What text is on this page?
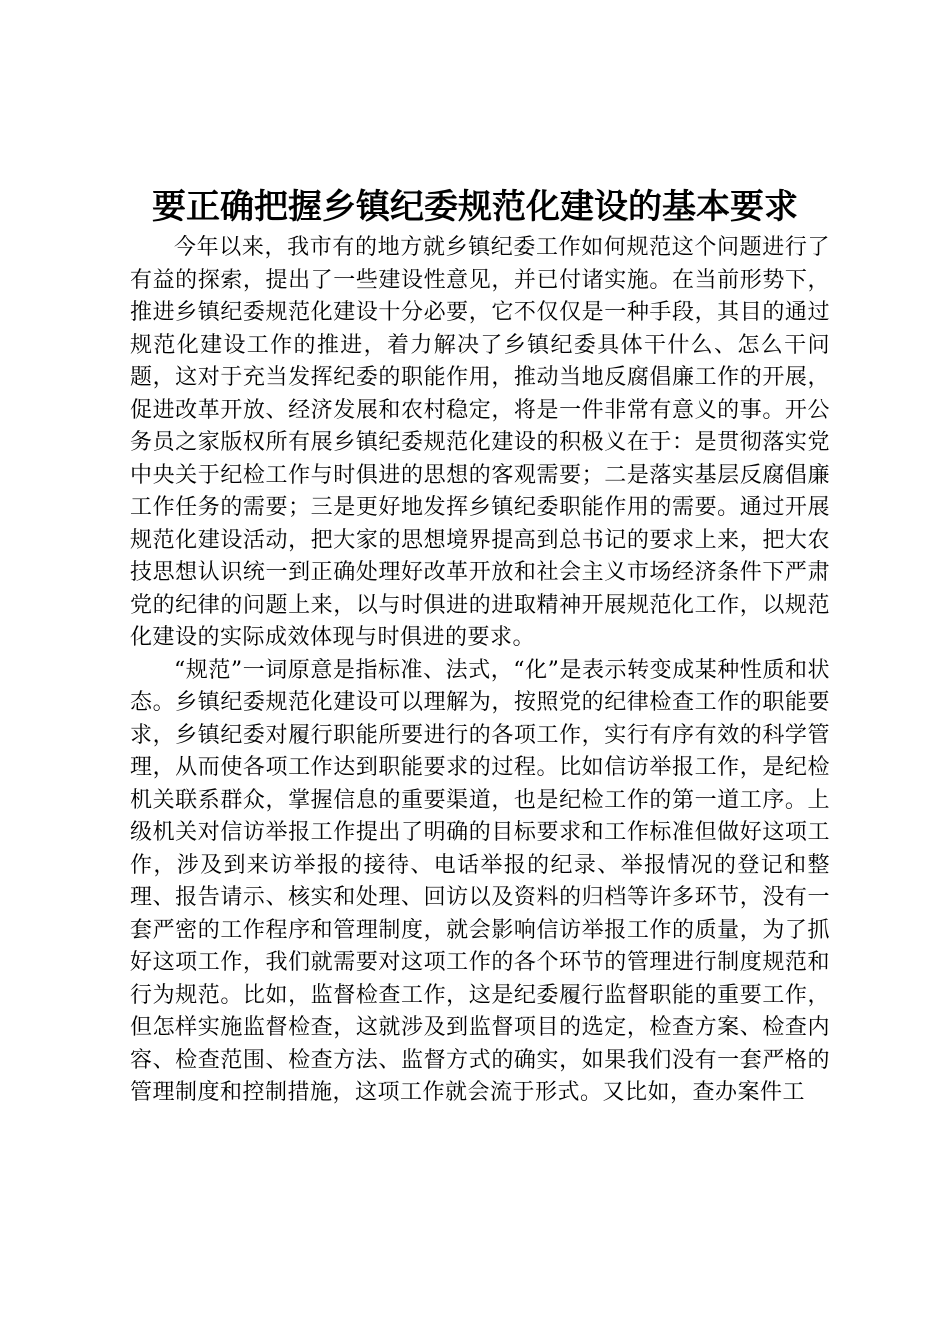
要正确把握乡镇纪委规范化建设的基本要求

今年以来，我市有的地方就乡镇纪委工作如何规范这个问题进行了有益的探索，提出了一些建设性意见，并已付诸实施。在当前形势下，推进乡镇纪委规范化建设十分必要，它不仅仅是一种手段，其目的通过规范化建设工作的推进，着力解决了乡镇纪委具体干什么、怎么干问题，这对于充当发挥纪委的职能作用，推动当地反腐倡廉工作的开展，促进改革开放、经济发展和农村稳定，将是一件非常有意义的事。开公务员之家版权所有展乡镇纪委规范化建设的积极义在于：是贯彻落实党中央关于纪检工作与时俱进的思想的客观需要；二是落实基层反腐倡廉工作任务的需要；三是更好地发挥乡镇纪委职能作用的需要。通过开展规范化建设活动，把大家的思想境界提高到总书记的要求上来，把大农技思想认识统一到正确处理好改革开放和社会主义市场经济条件下严肃党的纪律的问题上来，以与时俱进的进取精神开展规范化工作，以规范化建设的实际成效体现与时俱进的要求。

“规范”一词原意是指标准、法式，“化”是表示转变成某种性质和状态。乡镇纪委规范化建设可以理解为，按照党的纪律检查工作的职能要求，乡镇纪委对履行职能所要进行的各项工作，实行有序有效的科学管理，从而使各项工作达到职能要求的过程。比如信访举报工作，是纪检机关联系群众，掌握信息的重要渠道，也是纪检工作的第一道工序。上级机关对信访举报工作提出了明确的目标要求和工作标准但做好这项工作，涉及到来访举报的接待、电话举报的纪录、举报情况的登记和整理、报告请示、核实和处理、回访以及资料的归档等许多环节，没有一套严密的工作程序和管理制度，就会影响信访举报工作的质量，为了抓好这项工作，我们就需要对这项工作的各个环节的管理进行制度规范和行为规范。比如，监督检查工作，这是纪委履行监督职能的重要工作，但怎样实施监督检查，这就涉及到监督项目的选定，检查方案、检查内容、检查范围、检查方法、监督方式的确实，如果我们没有一套严格的管理制度和控制措施，这项工作就会流于形式。又比如，查办案件工
